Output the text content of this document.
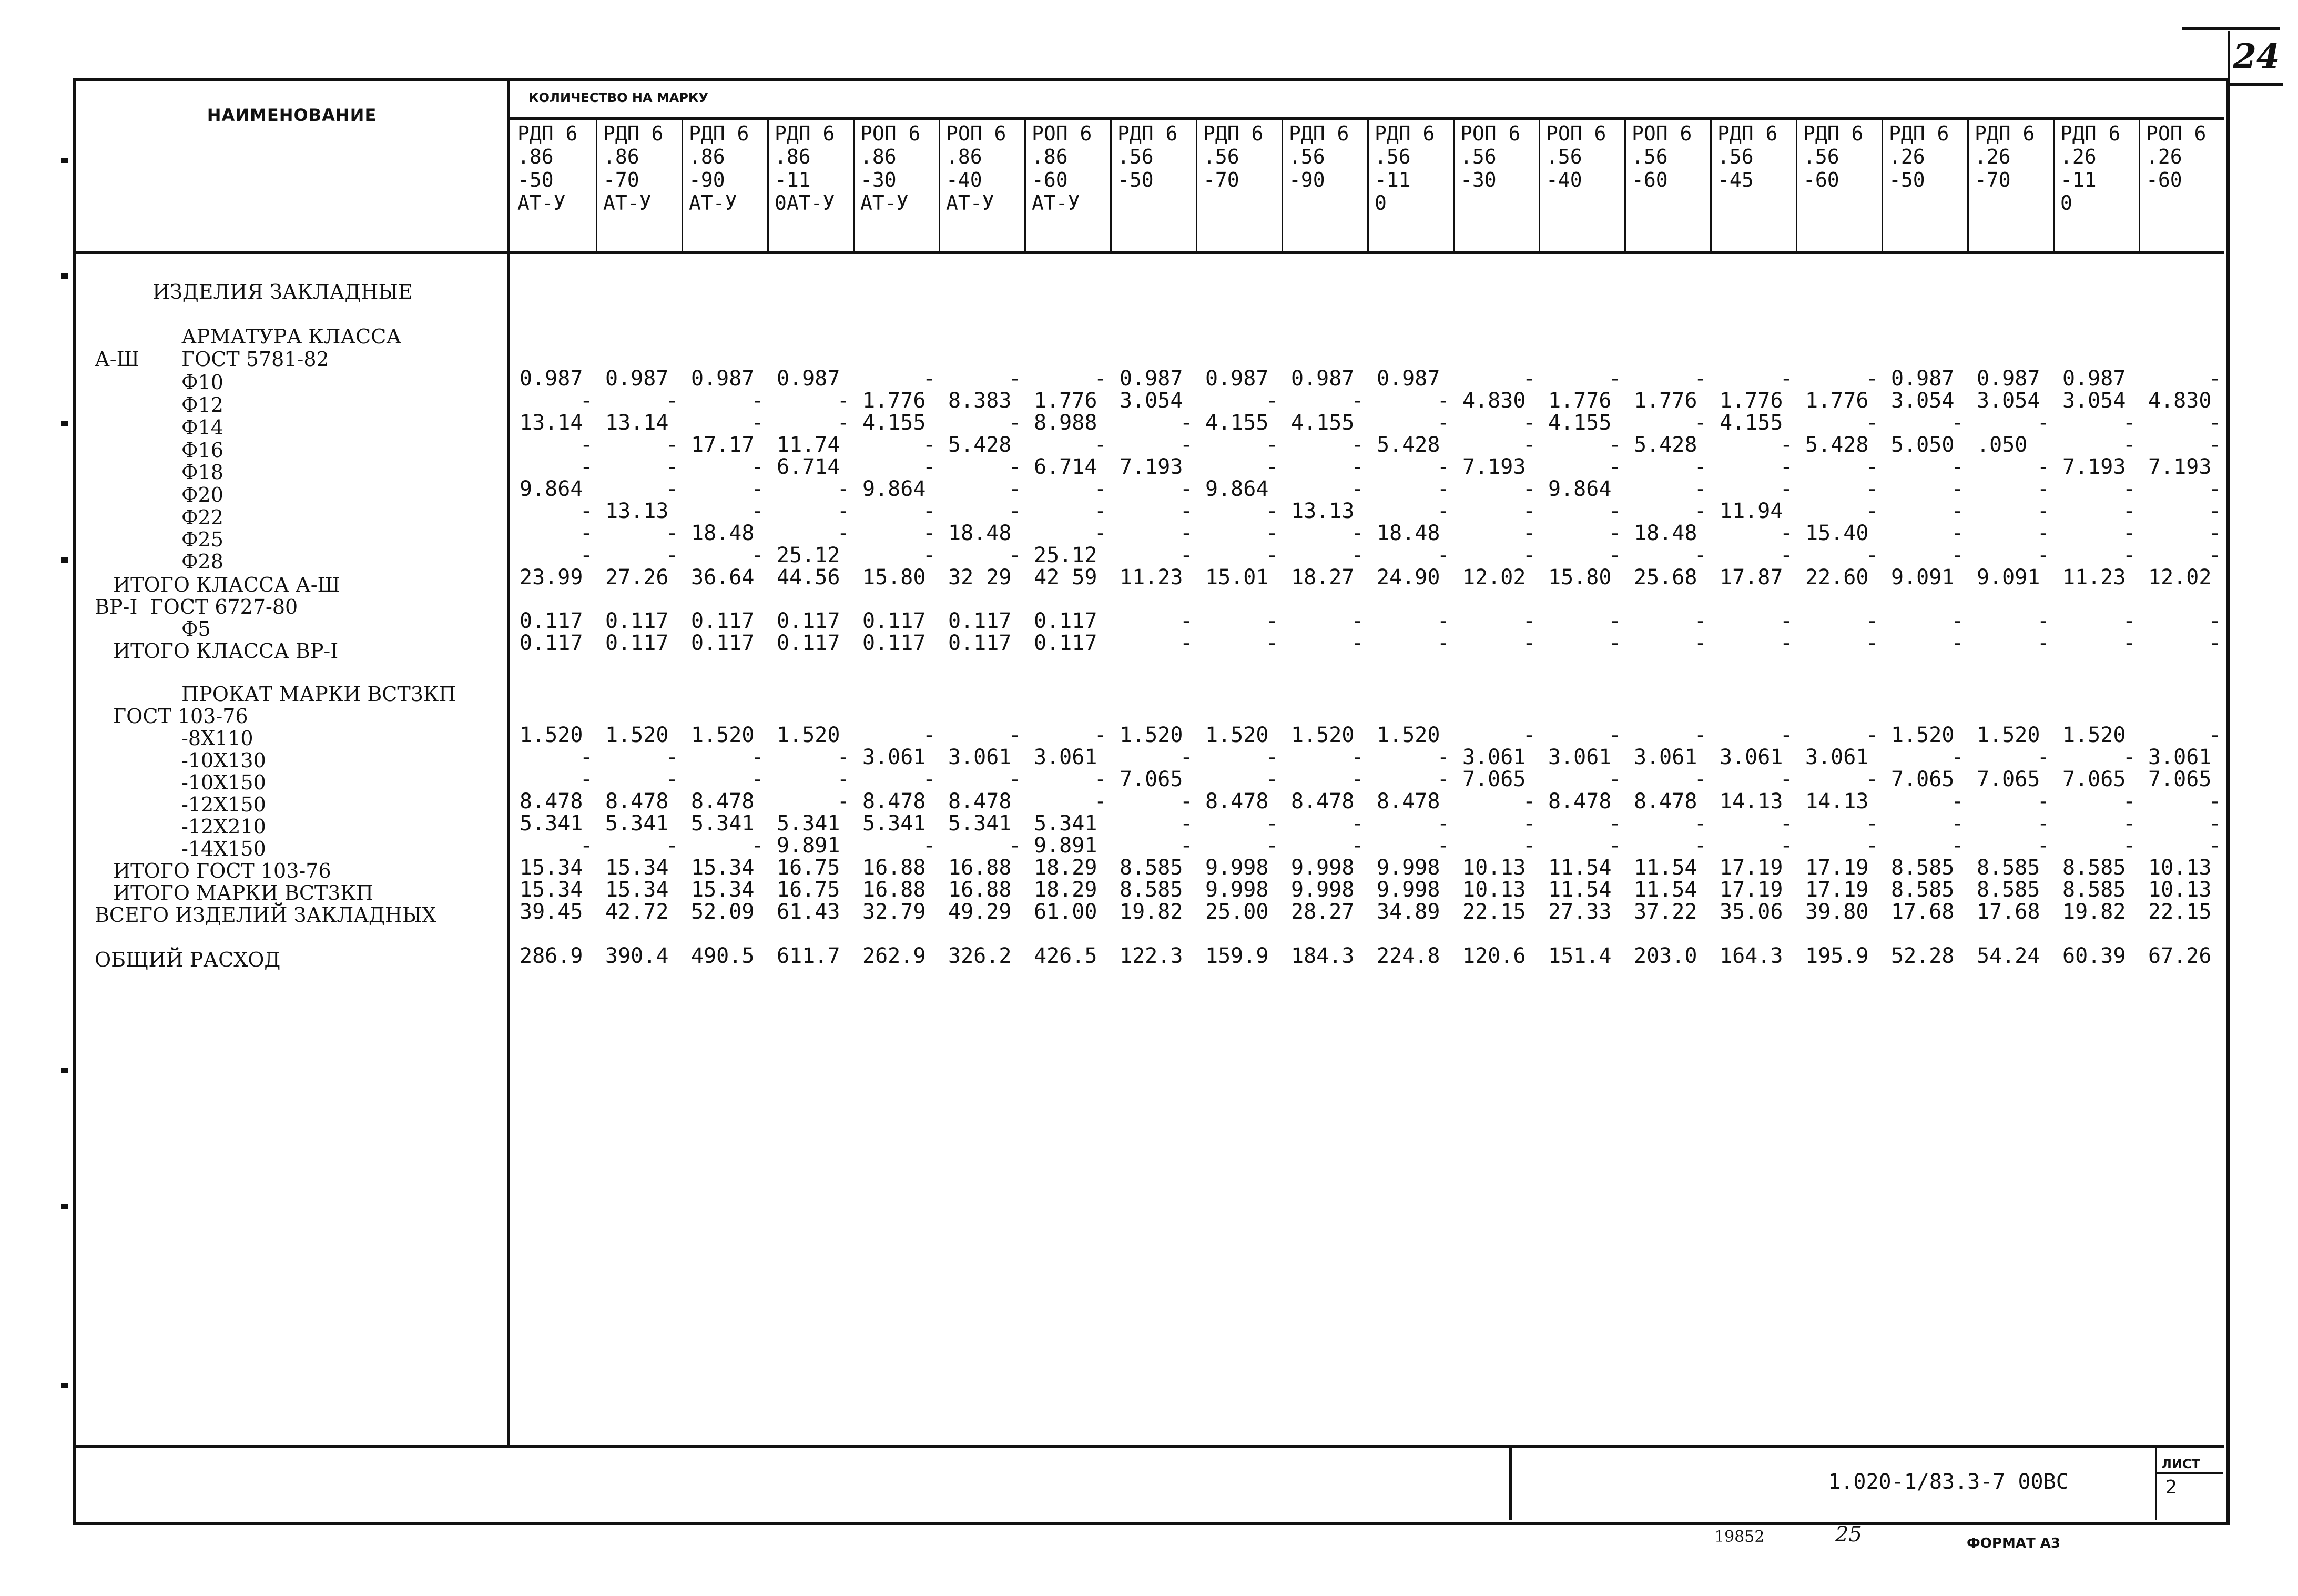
24
НАИМЕНОВАНИЕ
КОЛИЧЕСТВО НА МАРКУ
РДП 6
.86
-50
АТ-У
РДП 6
.86
-70
АТ-У
РДП 6
.86
-90
АТ-У
РДП 6
.86
-11
0АТ-У
РОП 6
.86
-30
АТ-У
РОП 6
.86
-40
АТ-У
РОП 6
.86
-60
АТ-У
РДП 6
.56
-50
РДП 6
.56
-70
РДП 6
.56
-90
РДП 6
.56
-11
0
РОП 6
.56
-30
РОП 6
.56
-40
РОП 6
.56
-60
РДП 6
.56
-45
РДП 6
.56
-60
РДП 6
.26
-50
РДП 6
.26
-70
РДП 6
.26
-11
0
РОП 6
.26
-60
ИЗДЕЛИЯ ЗАКЛАДНЫЕ
АРМАТУРА КЛАССА
А-Ш ГОСТ 5781-82
Ф10
Ф12
Ф14
Ф16
Ф18
Ф20
Ф22
Ф25
Ф28
ИТОГО КЛАССА А-Ш
ВР-I  ГОСТ 6727-80
Ф5
ИТОГО КЛАССА ВР-I
ПРОКАТ МАРКИ ВСТ3КП
ГОСТ 103-76
-8Х110
-10Х130
-10Х150
-12Х150
-12Х210
-14Х150
ИТОГО ГОСТ 103-76
ИТОГО МАРКИ ВСТ3КП
ВСЕГО ИЗДЕЛИЙ ЗАКЛАДНЫХ
ОБЩИЙ РАСХОД
0.987
-
13.14
-
-
9.864
-
-
-
23.99
0.117
0.117
1.520
-
-
8.478
5.341
-
15.34
15.34
39.45
286.9
0.987
-
13.14
-
-
-
13.13
-
-
27.26
0.117
0.117
1.520
-
-
8.478
5.341
-
15.34
15.34
42.72
390.4
0.987
-
-
17.17
-
-
-
18.48
-
36.64
0.117
0.117
1.520
-
-
8.478
5.341
-
15.34
15.34
52.09
490.5
0.987
-
-
11.74
6.714
-
-
-
25.12
44.56
0.117
0.117
1.520
-
-
-
5.341
9.891
16.75
16.75
61.43
611.7
-
1.776
4.155
-
-
9.864
-
-
-
15.80
0.117
0.117
-
3.061
-
8.478
5.341
-
16.88
16.88
32.79
262.9
-
8.383
-
5.428
-
-
-
18.48
-
32 29
0.117
0.117
-
3.061
-
8.478
5.341
-
16.88
16.88
49.29
326.2
-
1.776
8.988
-
6.714
-
-
-
25.12
42 59
0.117
0.117
-
3.061
-
-
5.341
9.891
18.29
18.29
61.00
426.5
0.987
3.054
-
-
7.193
-
-
-
-
11.23
-
-
1.520
-
7.065
-
-
-
8.585
8.585
19.82
122.3
0.987
-
4.155
-
-
9.864
-
-
-
15.01
-
-
1.520
-
-
8.478
-
-
9.998
9.998
25.00
159.9
0.987
-
4.155
-
-
-
13.13
-
-
18.27
-
-
1.520
-
-
8.478
-
-
9.998
9.998
28.27
184.3
0.987
-
-
5.428
-
-
-
18.48
-
24.90
-
-
1.520
-
-
8.478
-
-
9.998
9.998
34.89
224.8
-
4.830
-
-
7.193
-
-
-
-
12.02
-
-
-
3.061
7.065
-
-
-
10.13
10.13
22.15
120.6
-
1.776
4.155
-
-
9.864
-
-
-
15.80
-
-
-
3.061
-
8.478
-
-
11.54
11.54
27.33
151.4
-
1.776
-
5.428
-
-
-
18.48
-
25.68
-
-
-
3.061
-
8.478
-
-
11.54
11.54
37.22
203.0
-
1.776
4.155
-
-
-
11.94
-
-
17.87
-
-
-
3.061
-
14.13
-
-
17.19
17.19
35.06
164.3
-
1.776
-
5.428
-
-
-
15.40
-
22.60
-
-
-
3.061
-
14.13
-
-
17.19
17.19
39.80
195.9
0.987
3.054
-
5.050
-
-
-
-
-
9.091
-
-
1.520
-
7.065
-
-
-
8.585
8.585
17.68
52.28
0.987
3.054
-
.050
-
-
-
-
-
9.091
-
-
1.520
-
7.065
-
-
-
8.585
8.585
17.68
54.24
0.987
3.054
-
-
7.193
-
-
-
-
11.23
-
-
1.520
-
7.065
-
-
-
8.585
8.585
19.82
60.39
-
4.830
-
-
7.193
-
-
-
-
12.02
-
-
-
3.061
7.065
-
-
-
10.13
10.13
22.15
67.26
1.020-1/83.3-7 00ВС
ЛИСТ
2
19852	25	ФОРМАТ А3
